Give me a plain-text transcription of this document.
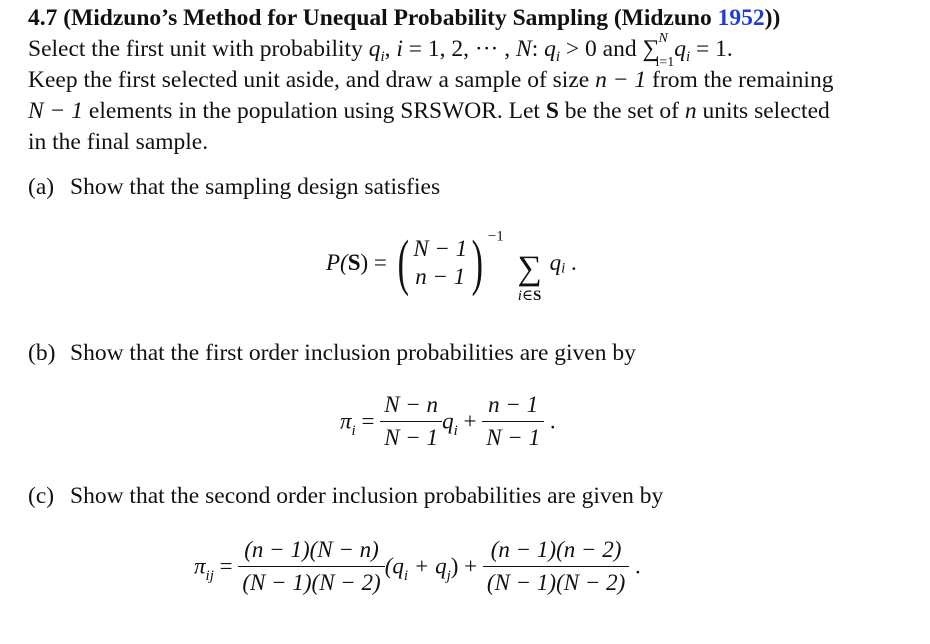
4.7 (Midzuno’s Method for Unequal Probability Sampling (Midzuno 1952))
Select the first unit with probability $q_i$, i = 1, 2, ··· , N: $q_i > 0$ and ∑
N
i=1
$q_i = 1$.
Keep the first selected unit aside, and draw a sample of size n − 1 from the remaining
N − 1 elements in the population using SRSWOR. Let S be the set of n units selected
in the final sample.
(a) Show that the sampling design satisfies
P(S) = ( N − 1
n − 1 ) $^{-1}$
∑
i∈S
$q_i$ .
(b) Show that the first order inclusion probabilities are given by
$\pi_i = \frac{N - n}{N - 1} q_i + \frac{n - 1}{N - 1}$ .
(c) Show that the second order inclusion probabilities are given by
$\pi_{ij} = \frac{(n - 1)(N - n)}{(N - 1)(N - 2)} (q_i + q_j) + \frac{(n - 1)(n - 2)}{(N - 1)(N - 2)}$ .
